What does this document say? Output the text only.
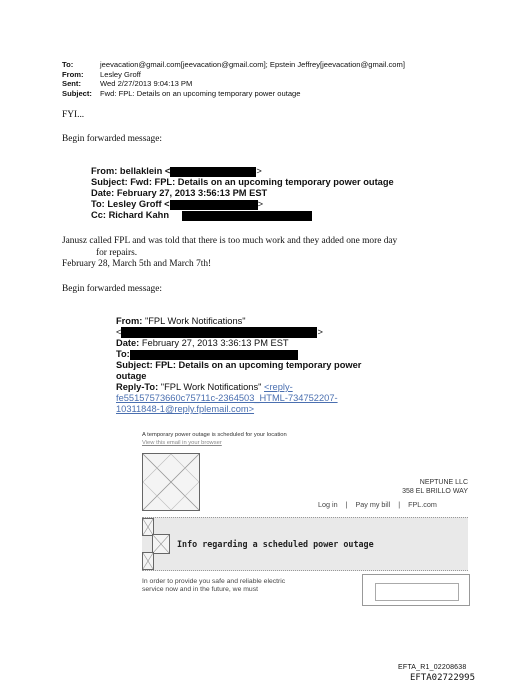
To:	jeevacation@gmail.com[jeevacation@gmail.com]; Epstein Jeffrey[jeevacation@gmail.com]
From:	Lesley Groff
Sent:	Wed 2/27/2013 9:04:13 PM
Subject:	Fwd: FPL: Details on an upcoming temporary power outage
FYI...
Begin forwarded message:
From: bellaklein <	>
Subject: Fwd: FPL: Details on an upcoming temporary power outage
Date: February 27, 2013 3:56:13 PM EST
To: Lesley Groff <	>
Cc: Richard Kahn
Janusz called FPL and was told that there is too much work and they added one more day
for repairs.
February 28, March 5th and March 7th!
Begin forwarded message:
From: "FPL Work Notifications"
<	>
Date: February 27, 2013 3:36:13 PM EST
To:
Subject: FPL: Details on an upcoming temporary power
outage
Reply-To: "FPL Work Notifications" <reply-
fe55157573660c75711c-2364503_HTML-734752207-
10311848-1@reply.fplemail.com>
A temporary power outage is scheduled for your location
View this email in your browser
NEPTUNE LLC
358 EL BRILLO WAY
Log in | Pay my bill | FPL.com
Info regarding a scheduled power outage
In order to provide you safe and reliable electric
service now and in the future, we must
EFTA_R1_02208638
EFTA02722995
